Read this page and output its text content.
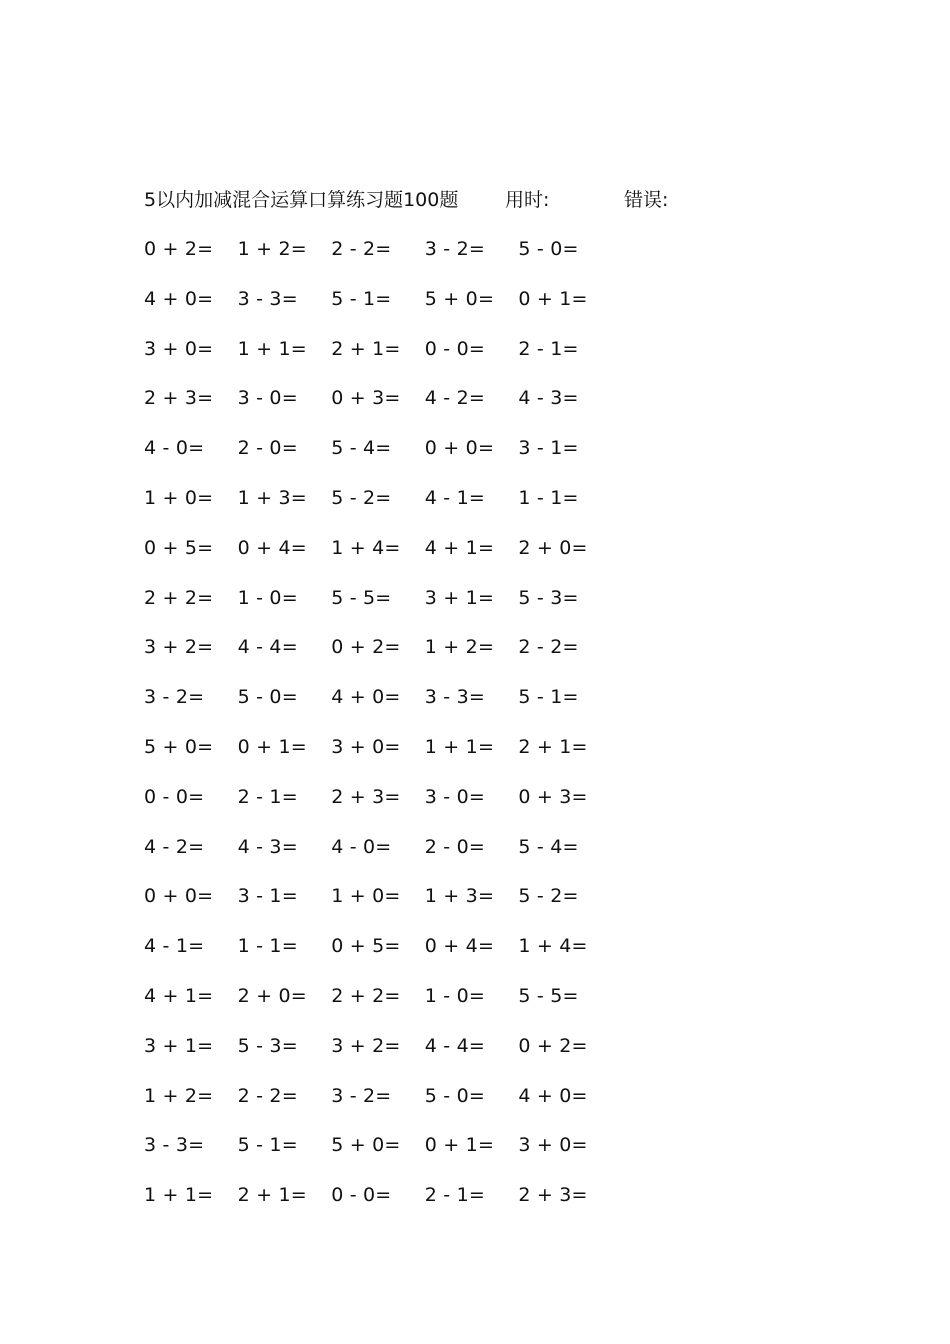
5以内加减混合运算口算练习题100题 用时:	错误:
0 + 2=	1 + 2=	2 - 2=	3 - 2=	5 - 0=
4 + 0=	3 - 3=	5 - 1=	5 + 0=	0 + 1=
3 + 0=	1 + 1=	2 + 1=	0 - 0=	2 - 1=
2 + 3=	3 - 0=	0 + 3=	4 - 2=	4 - 3=
4 - 0=	2 - 0=	5 - 4=	0 + 0=	3 - 1=
1 + 0=	1 + 3=	5 - 2=	4 - 1=	1 - 1=
0 + 5=	0 + 4=	1 + 4=	4 + 1=	2 + 0=
2 + 2=	1 - 0=	5 - 5=	3 + 1=	5 - 3=
3 + 2=	4 - 4=	0 + 2=	1 + 2=	2 - 2=
3 - 2=	5 - 0=	4 + 0=	3 - 3=	5 - 1=
5 + 0=	0 + 1=	3 + 0=	1 + 1=	2 + 1=
0 - 0=	2 - 1=	2 + 3=	3 - 0=	0 + 3=
4 - 2=	4 - 3=	4 - 0=	2 - 0=	5 - 4=
0 + 0=	3 - 1=	1 + 0=	1 + 3=	5 - 2=
4 - 1=	1 - 1=	0 + 5=	0 + 4=	1 + 4=
4 + 1=	2 + 0=	2 + 2=	1 - 0=	5 - 5=
3 + 1=	5 - 3=	3 + 2=	4 - 4=	0 + 2=
1 + 2=	2 - 2=	3 - 2=	5 - 0=	4 + 0=
3 - 3=	5 - 1=	5 + 0=	0 + 1=	3 + 0=
1 + 1=	2 + 1=	0 - 0=	2 - 1=	2 + 3=
